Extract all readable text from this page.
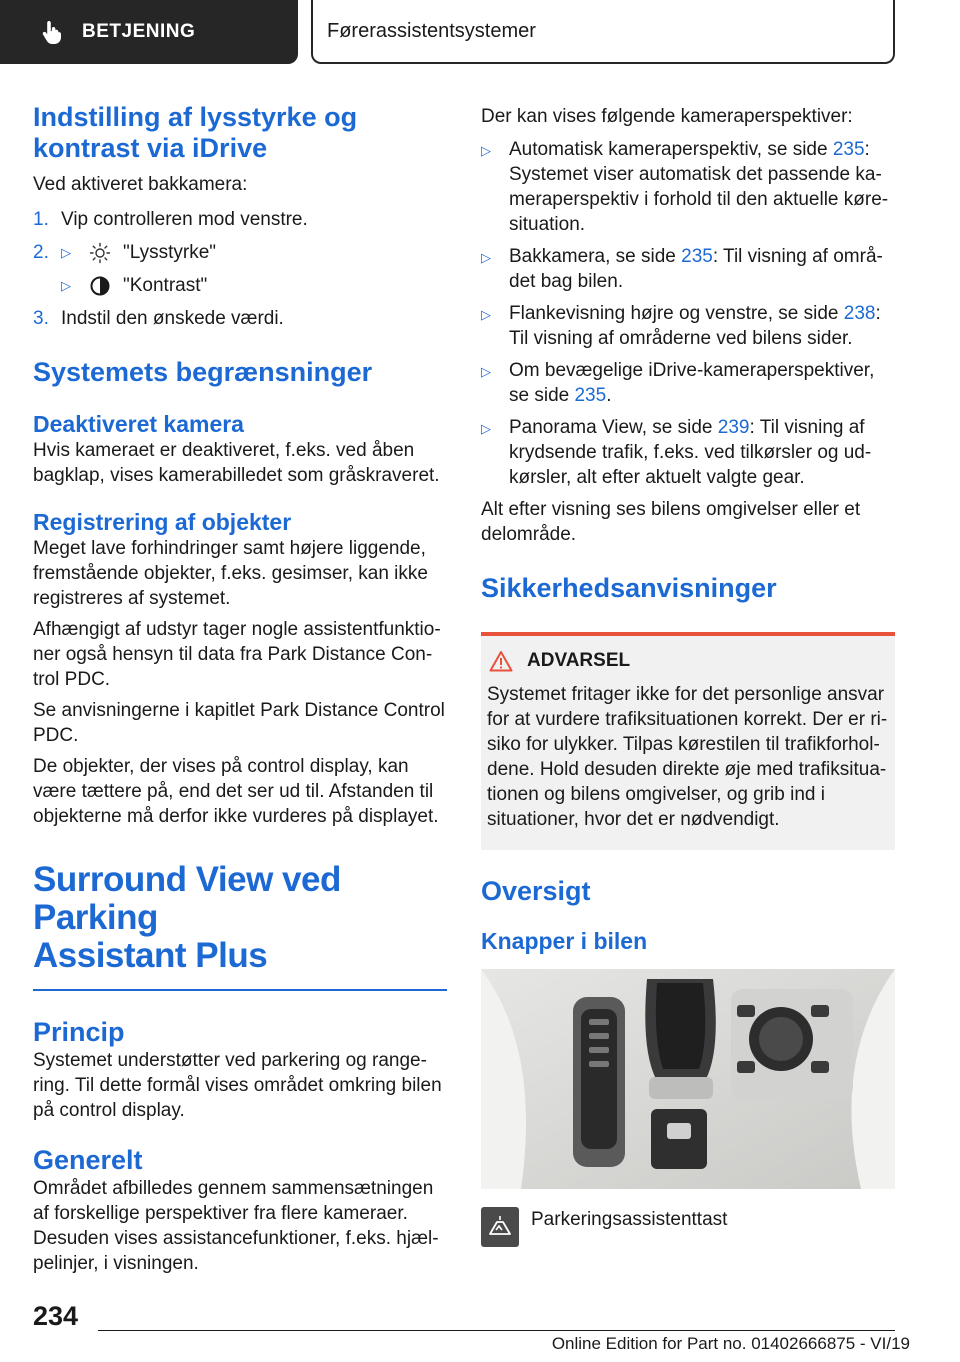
BETJENING	Førerassistentsystemer
Indstilling af lysstyrke og
kontrast via iDrive

Ved aktiveret bakkamera:

1. Vip controlleren mod venstre.
2. ▷	"Lysstyrke"
▷	"Kontrast"
3. Indstil den ønskede værdi.
Systemets begrænsninger
Deaktiveret kamera

Hvis kameraet er deaktiveret, f.eks. ved åben bagklap, vises kamerabilledet som gråskraveret.

Registrering af objekter

Meget lave forhindringer samt højere liggende, fremstående objekter, f.eks. gesimser, kan ikke registreres af systemet.

Afhængigt af udstyr tager nogle assistentfunktioner også hensyn til data fra Park Distance Control PDC.

Se anvisningerne i kapitlet Park Distance Control PDC.

De objekter, der vises på control display, kan være tættere på, end det ser ud til. Afstanden til objekterne må derfor ikke vurderes på displayet.

Surround View ved Parking
Assistant Plus
Princip

Systemet understøtter ved parkering og rangering. Til dette formål vises området omkring bilen på control display.

Generelt

Området afbilledes gennem sammensætningen af forskellige perspektiver fra flere kameraer. Desuden vises assistancefunktioner, f.eks. hjælpelinjer, i visningen.

Der kan vises følgende kameraperspektiver:

▷ Automatisk kameraperspektiv, se side 235: Systemet viser automatisk det passende kameraperspektiv i forhold til den aktuelle køresituation.
▷ Bakkamera, se side 235: Til visning af området bag bilen.
▷ Flankevisning højre og venstre, se side 238: Til visning af områderne ved bilens sider.
▷ Om bevægelige iDrive-kameraperspektiver, se side 235.
▷ Panorama View, se side 239: Til visning af krydsende trafik, f.eks. ved tilkørsler og udkørsler, alt efter aktuelt valgte gear.

Alt efter visning ses bilens omgivelser eller et delområde.

Sikkerhedsanvisninger
ADVARSEL

Systemet fritager ikke for det personlige ansvar for at vurdere trafiksituationen korrekt. Der er risiko for ulykker. Tilpas kørestilen til trafikforholdene. Hold desuden direkte øje med trafiksituationen og bilens omgivelser, og grib ind i situationer, hvor det er nødvendigt.

Oversigt
Knapper i bilen

Parkeringsassistenttast

234
Online Edition for Part no. 01402666875 - VI/19
